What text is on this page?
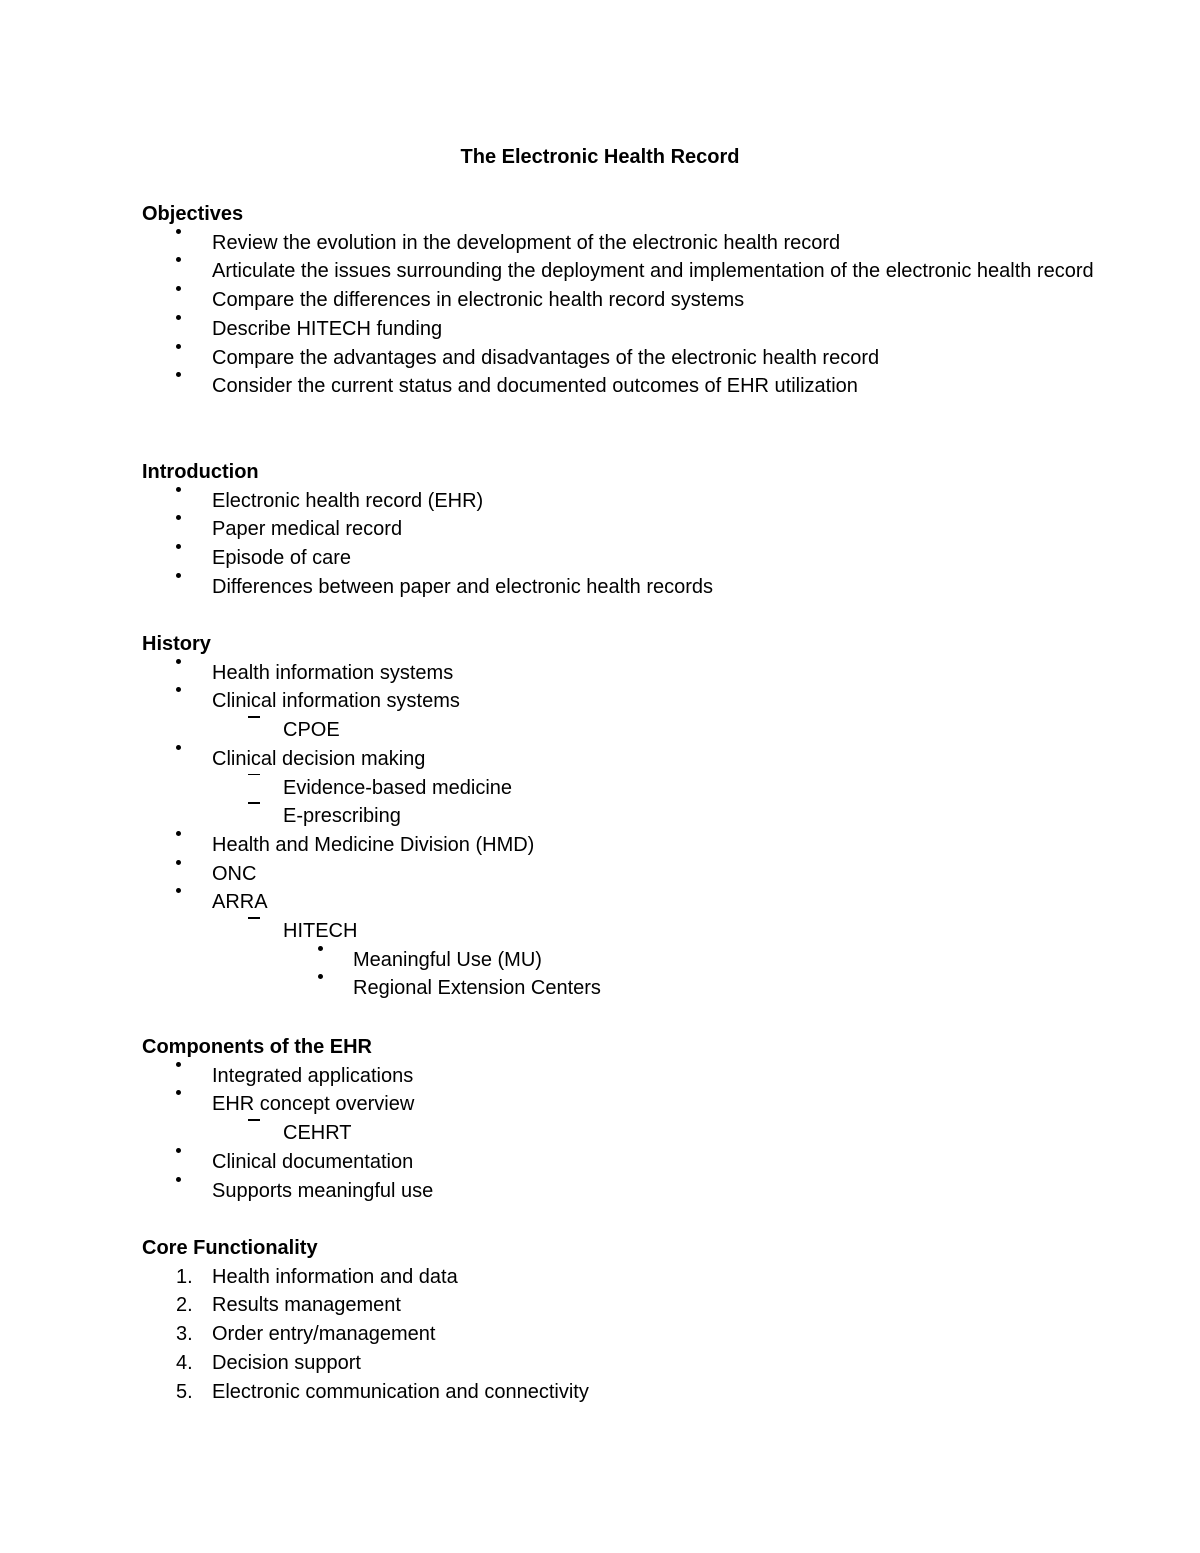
The Electronic Health Record
Objectives
Review the evolution in the development of the electronic health record
Articulate the issues surrounding the deployment and implementation of the electronic health record
Compare the differences in electronic health record systems
Describe HITECH funding
Compare the advantages and disadvantages of the electronic health record
Consider the current status and documented outcomes of EHR utilization
Introduction
Electronic health record (EHR)
Paper medical record
Episode of care
Differences between paper and electronic health records
History
Health information systems
Clinical information systems
CPOE
Clinical decision making
Evidence-based medicine
E-prescribing
Health and Medicine Division (HMD)
ONC
ARRA
HITECH
Meaningful Use (MU)
Regional Extension Centers
Components of the EHR
Integrated applications
EHR concept overview
CEHRT
Clinical documentation
Supports meaningful use
Core Functionality
1. Health information and data
2. Results management
3. Order entry/management
4. Decision support
5. Electronic communication and connectivity
